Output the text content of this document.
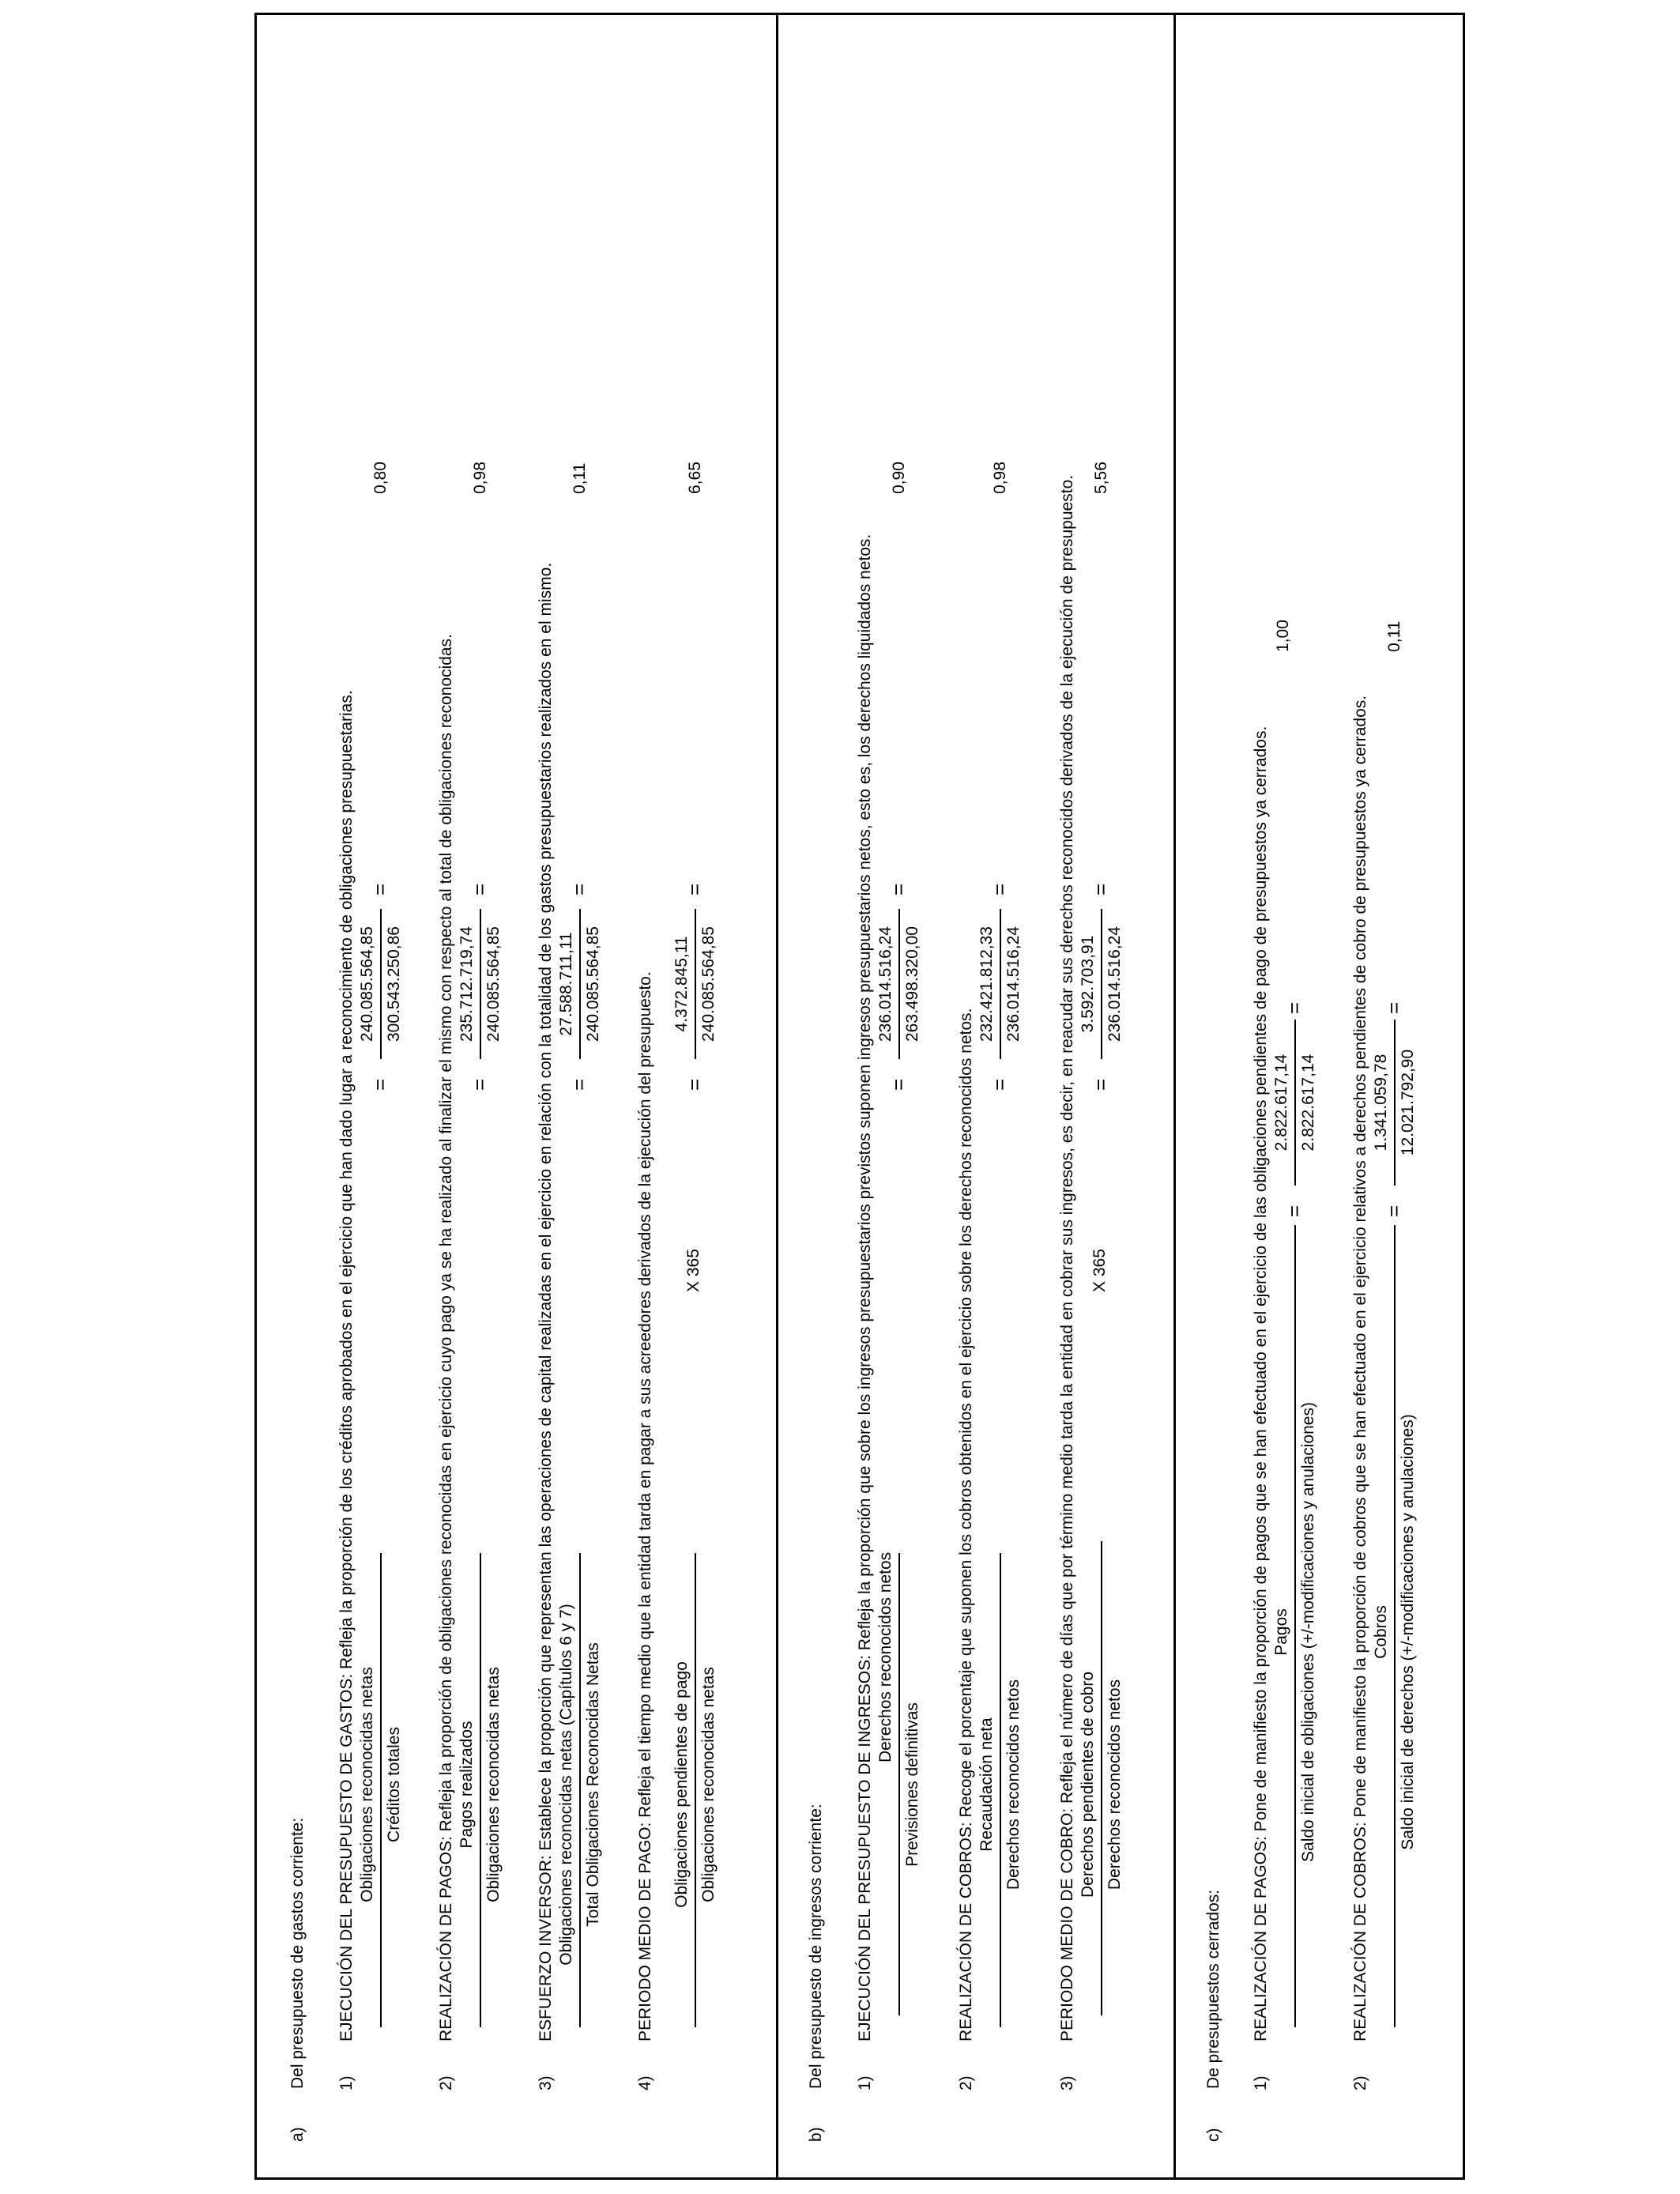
a)
Del presupuesto de gastos corriente: 1)
EJECUCIÓN DEL PRESUPUESTO DE GASTOS: Refleja la proporción de los créditos aprobados en el ejercicio que han dado lugar a reconocimiento de obligaciones presupuestarias. Obligaciones reconocidas netas Créditos totales
=
240.085.564,85 300.543.250,86
=
0,80
2)
REALIZACIÓN DE PAGOS: Refleja la proporción de obligaciones reconocidas en ejercicio cuyo pago ya se ha realizado al finalizar el mismo con respecto al total de obligaciones reconocidas. Pagos realizados Obligaciones reconocidas netas
=
235.712.719,74 240.085.564,85
=
0,98
3)
ESFUERZO INVERSOR: Establece la proporción que representan las operaciones de capital realizadas en el ejercicio en relación con la totalidad de los gastos presupuestarios realizados en el mismo. Obligaciones reconocidas netas (Capítulos 6 y 7) Total Obligaciones Reconocidas Netas
=
27.588.711,11 240.085.564,85
=
0,11
4)
PERIODO MEDIO DE PAGO: Refleja el tiempo medio que la entidad tarda en pagar a sus acreedores derivados de la ejecución del presupuesto. Obligaciones pendientes de pago Obligaciones reconocidas netas
X 365
=
4.372.845,11 240.085.564,85
=
6,65
b)
Del presupuesto de ingresos corriente: 1)
EJECUCIÓN DEL PRESUPUESTO DE INGRESOS: Refleja la proporción que sobre los ingresos presupuestarios previstos suponen ingresos presupuestarios netos, esto es, los derechos liquidados netos. Derechos reconocidos netos
Previsiones definitivas
=
236.014.516,24 263.498.320,00
=
0,90
2)
REALIZACIÓN DE COBROS: Recoge el porcentaje que suponen los cobros obtenidos en el ejercicio sobre los derechos reconocidos netos. Recaudación neta Derechos reconocidos netos
=
232.421.812,33 236.014.516,24
=
0,98
3)
PERIODO MEDIO DE COBRO: Refleja el número de días que por término medio tarda la entidad en cobrar sus ingresos, es decir, en reacudar sus derechos reconocidos derivados de la ejecución de presupuesto. Derechos pendientes de cobro Derechos reconocidos netos
X 365
=
3.592.703,91 236.014.516,24
=
5,56
c)
De presupuestos cerrados: 1)
REALIZACIÓN DE PAGOS: Pone de manifiesto la proporción de pagos que se han efectuado en el ejercicio de las obligaciones pendientes de pago de presupuestos ya cerrados. Pagos Saldo inicial de obligaciones (+/-modificaciones y anulaciones)
=
2.822.617,14 2.822.617,14
=
1,00
2)
REALIZACIÓN DE COBROS: Pone de manifiesto la proporción de cobros que se han efectuado en el ejercicio relativos a derechos pendientes de cobro de presupuestos ya cerrados. Cobros Saldo inicial de derechos (+/-modificaciones y anulaciones)
=
1.341.059,78 12.021.792,90
=
0,11
